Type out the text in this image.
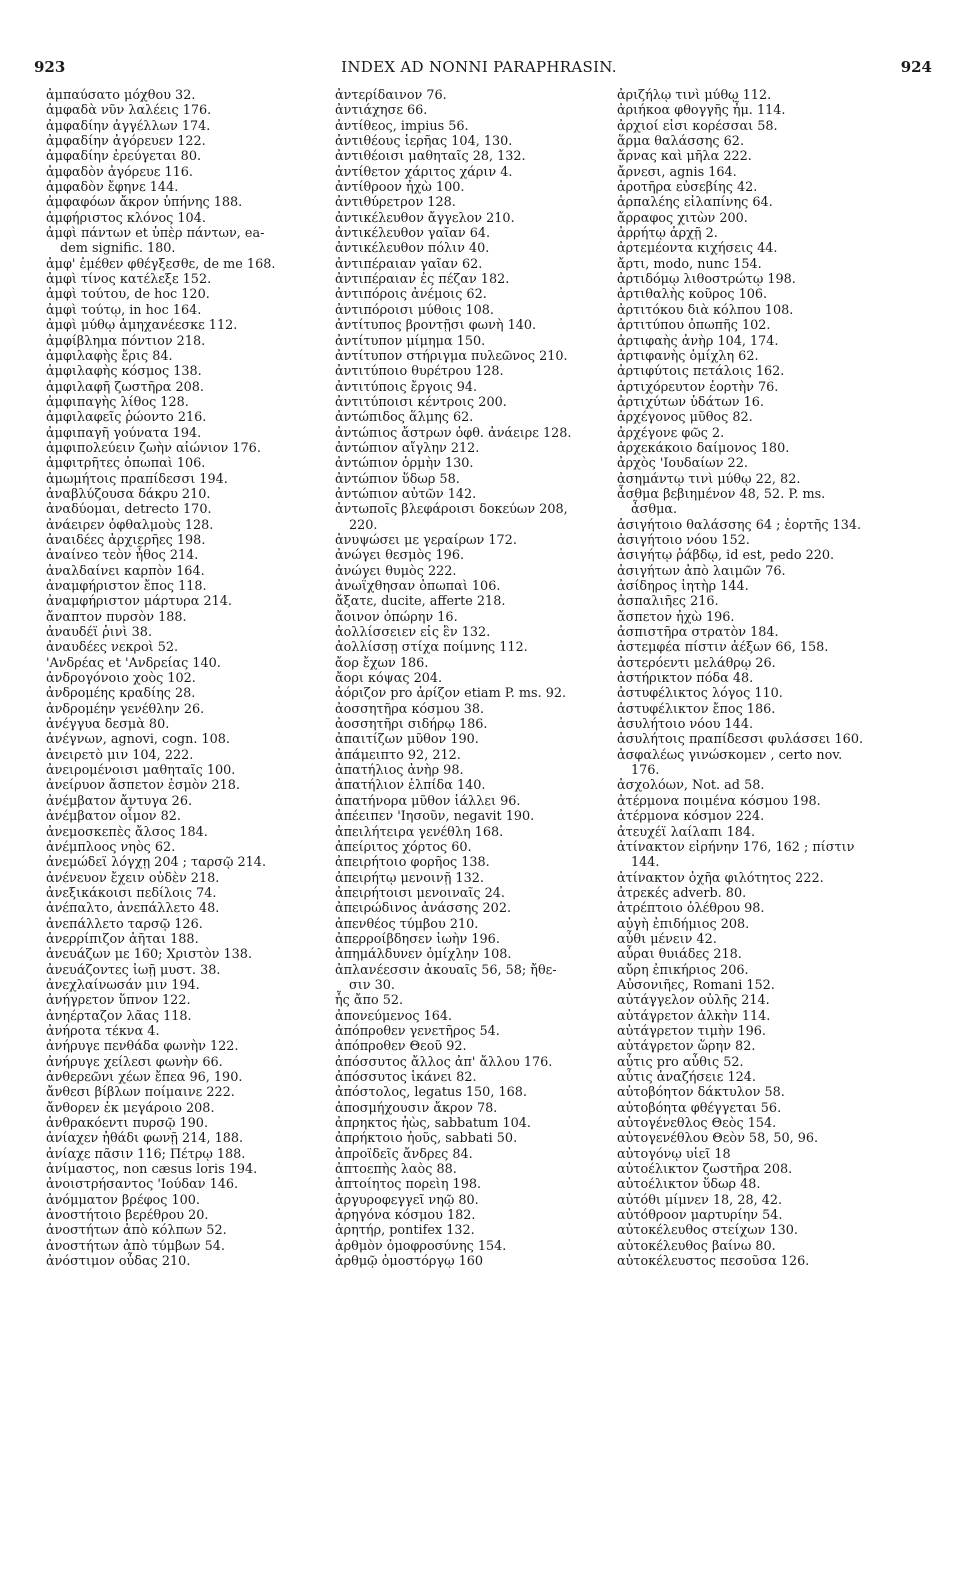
923	INDEX AD NONNI PARAPHRASIN.	924
ἀμπαύσατο μόχθου 32.
ἀμφαδὰ νῦν λαλέεις 176.
ἀμφαδίην ἀγγέλλων 174.
ἀμφαδίην ἀγόρευεν 122.
ἀμφαδίην ἐρεύγεται 80.
ἀμφαδὸν ἀγόρευε 116.
ἀμφαδὸν ἔφηνε 144.
ἀμφαφόων ἄκρον ὑπήνης 188.
ἀμφήριστος κλόνος 104.
ἀμφὶ πάντων et ὑπὲρ πάντων, ea-
dem signific. 180.
ἀμφ' ἐμέθεν φθέγξεσθε, de me 168.
ἀμφὶ τίνος κατέλεξε 152.
ἀμφὶ τούτου, de hoc 120.
ἀμφὶ τούτῳ, in hoc 164.
ἀμφὶ μύθῳ ἀμηχανέεσκε 112.
ἀμφίβλημα πόντιον 218.
ἀμφιλαφὴς ἔρις 84.
ἀμφιλαφὴς κόσμος 138.
ἀμφιλαφῆ ζωστῆρα 208.
ἀμφιπαγὴς λίθος 128.
ἀμφιλαφεῖς ῥώοντο 216.
ἀμφιπαγῆ γούνατα 194.
ἀμφιπολεύειν ζωὴν αἰώνιον 176.
ἀμφιτρῆτες ὀπωπαὶ 106.
ἀμωμήτοις πραπίδεσσι 194.
ἀναβλύζουσα δάκρυ 210.
ἀναδύομαι, detrecto 170.
ἀνάειρεν ὀφθαλμοὺς 128.
ἀναιδέες ἀρχιερῆες 198.
ἀναίνεο τεὸν ἦθος 214.
ἀναλδαίνει καρπὸν 164.
ἀναμφήριστον ἔπος 118.
ἀναμφήριστον μάρτυρα 214.
ἄναπτον πυρσὸν 188.
ἀναυδέϊ ῥινὶ 38.
ἀναυδέες νεκροὶ 52.
'Ανδρέας et 'Ανδρείας 140.
ἀνδρογόνοιο χοὸς 102.
ἀνδρομέης κραδίης 28.
ἀνδρομέην γενέθλην 26.
ἀνέγγυα δεσμὰ 80.
ἀνέγνων, agnovi, cogn. 108.
ἀνειρετὸ μιν 104, 222.
ἀνειρομένοισι μαθηταῖς 100.
ἀνείρυον ἄσπετον ἑσμὸν 218.
ἀνέμβατον ἄντυγα 26.
ἀνέμβατον οἶμον 82.
ἀνεμοσκεπὲς ἄλσος 184.
ἀνέμπλοος νηὸς 62.
ἀνεμώδεϊ λόγχῃ 204 ; ταρσῷ 214.
ἀνένευον ἔχειν οὐδὲν 218.
ἀνεξικάκοισι πεδίλοις 74.
ἀνέπαλτο, ἀνεπάλλετο 48.
ἀνεπάλλετο ταρσῷ 126.
ἀνερρίπιζον ἀῆται 188.
ἀνευάζων με 160; Χριστὸν 138.
ἀνευάζοντες ἰωῇ μυστ. 38.
ἀνεχλαίνωσάν μιν 194.
ἀνήγρετον ὕπνον 122.
ἀνηέρταζον λᾶας 118.
ἀνήροτα τέκνα 4.
ἀνήρυγε πενθάδα φωνὴν 122.
ἀνήρυγε χείλεσι φωνὴν 66.
ἀνθερεῶνι χέων ἔπεα 96, 190.
ἄνθεσι βίβλων ποίμαινε 222.
ἄνθορεν ἐκ μεγάροιο 208.
ἀνθρακόεντι πυρσῷ 190.
ἀνίαχεν ἠθάδι φωνῇ 214, 188.
ἀνίαχε πᾶσιν 116; Πέτρῳ 188.
ἀνίμαστος, non cæsus loris 194.
ἀνοιστρήσαντος 'Ιούδαν 146.
ἀνόμματον βρέφος 100.
ἀνοστήτοιο βερέθρου 20.
ἀνοστήτων ἀπὸ κόλπων 52.
ἀνοστήτων ἀπὸ τύμβων 54.
ἀνόστιμον οὖδας 210.
ἀντερίδαινον 76.
ἀντιάχησε 66.
ἀντίθεος, impius 56.
ἀντιθέους ἱερῆας 104, 130.
ἀντιθέοισι μαθηταῖς 28, 132.
ἀντίθετον χάριτος χάριν 4.
ἀντίθροον ἠχὼ 100.
ἀντιθύρετρον 128.
ἀντικέλευθον ἄγγελον 210.
ἀντικέλευθον γαῖαν 64.
ἀντικέλευθον πόλιν 40.
ἀντιπέραιαν γαῖαν 62.
ἀντιπέραιαν ἐς πέζαν 182.
ἀντιπόροις ἀνέμοις 62.
ἀντιπόροισι μύθοις 108.
ἀντίτυπος βροντῇσι φωνὴ 140.
ἀντίτυπον μίμημα 150.
ἀντίτυπον στήριγμα πυλεῶνος 210.
ἀντιτύποιο θυρέτρου 128.
ἀντιτύποις ἔργοις 94.
ἀντιτύποισι κέντροις 200.
ἀντώπιδος ἅλμης 62.
ἀντώπιος ἄστρων ὀφθ. ἀνάειρε 128.
ἀντώπιον αἴγλην 212.
ἀντώπιον ὁρμὴν 130.
ἀντώπιον ὕδωρ 58.
ἀντώπιον αὐτῶν 142.
ἀντωποῖς βλεφάροισι δοκεύων 208,
220.
ἀνυψώσει με γεραίρων 172.
ἀνώγει θεσμὸς 196.
ἀνώγει θυμὸς 222.
ἀνωΐχθησαν ὀπωπαὶ 106.
ἄξατε, ducite, afferte 218.
ἄοινον ὀπώρην 16.
ἀολλίσσειεν εἰς ἓν 132.
ἀολλίσσῃ στίχα ποίμνης 112.
ἄορ ἔχων 186.
ἄορι κόψας 204.
ἀόριζον pro ἀρίζον etiam P. ms. 92.
ἀοσσητῆρα κόσμου 38.
ἀοσσητῆρι σιδήρῳ 186.
ἀπαιτίζων μῦθον 190.
ἀπάμειπτο 92, 212.
ἀπατήλιος ἀνὴρ 98.
ἀπατήλιον ἐλπίδα 140.
ἀπατήνορα μῦθον ἰάλλει 96.
ἀπέειπεν 'Ιησοῦν, negavit 190.
ἀπειλήτειρα γενέθλη 168.
ἀπείριτος χόρτος 60.
ἀπειρήτοιο φορῆος 138.
ἀπειρήτῳ μενοινῇ 132.
ἀπειρήτοισι μενοιναῖς 24.
ἀπειρώδινος ἀνάσσης 202.
ἀπενθέος τύμβου 210.
ἀπερροίβδησεν ἰωὴν 196.
ἀπημάλδυνεν ὁμίχλην 108.
ἀπλανέεσσιν ἀκουαῖς 56, 58; ἤθε-
σιν 30.
ἧς ἄπο 52.
ἀπονεύμενος 164.
ἀπόπροθεν γενετῆρος 54.
ἀπόπροθεν Θεοῦ 92.
ἀπόσσυτος ἄλλος ἀπ' ἄλλου 176.
ἀπόσσυτος ἱκάνει 82.
ἀπόστολος, legatus 150, 168.
ἀποσμήχουσιν ἄκρον 78.
ἀπρηκτος ἠὼς, sabbatum 104.
ἀπρήκτοιο ἠοῦς, sabbati 50.
ἀπροϊδεῖς ἄνδρες 84.
ἀπτοεπὴς λαὸς 88.
ἀπτοίητος πορεὶη 198.
ἀργυροφεγγεῖ νηῷ 80.
ἀρηγόνα κόσμου 182.
ἀρητήρ, pontifex 132.
ἀρθμὸν ὁμοφροσύνης 154.
ἀρθμῷ ὁμοστόργῳ 160
ἀριζήλῳ τινὶ μύθῳ 112.
ἀριήκοα φθογγῆς ἦμ. 114.
ἀρχιοί εἰσι κορέσσαι 58.
ἅρμα θαλάσσης 62.
ἄρνας καὶ μῆλα 222.
ἄρνεσι, agnis 164.
ἀροτῆρα εὐσεβίης 42.
ἁρπαλέης εἰλαπίνης 64.
ἄρραφος χιτὼν 200.
ἀρρήτῳ ἀρχῇ 2.
ἀρτεμέοντα κιχήσεις 44.
ἄρτι, modo, nunc 154.
ἀρτιδόμῳ λιθοστρώτῳ 198.
ἀρτιθαλὴς κοῦρος 106.
ἀρτιτόκου διὰ κόλπου 108.
ἀρτιτύπου ὀπωπῆς 102.
ἀρτιφαὴς ἀνὴρ 104, 174.
ἀρτιφανὴς ὁμίχλη 62.
ἀρτιφύτοις πετάλοις 162.
ἀρτιχόρευτον ἑορτὴν 76.
ἀρτιχύτων ὑδάτων 16.
ἀρχέγονος μῦθος 82.
ἀρχέγονε φῶς 2.
ἀρχεκάκοιο δαίμονος 180.
ἀρχὸς 'Ιουδαίων 22.
ἀσημάντῳ τινὶ μύθῳ 22, 82.
ἆσθμα βεβιημένον 48, 52. P. ms.
ἆσθμα.
ἀσιγήτοιο θαλάσσης 64 ; ἑορτῆς 134.
ἀσιγήτοιο νόου 152.
ἀσιγήτῳ ῥάβδῳ, id est, pedo 220.
ἀσιγήτων ἀπὸ λαιμῶν 76.
ἀσίδηρος ἰητὴρ 144.
ἀσπαλιῆες 216.
ἄσπετον ἠχὼ 196.
ἀσπιστῆρα στρατὸν 184.
ἀστεμφέα πίστιν ἀέξων 66, 158.
ἀστερόεντι μελάθρῳ 26.
ἀστήρικτον πόδα 48.
ἀστυφέλικτος λόγος 110.
ἀστυφέλικτον ἔπος 186.
ἀσυλήτοιο νόου 144.
ἀσυλήτοις πραπίδεσσι φυλάσσει 160.
ἀσφαλέως γινώσκομεν , certo nov.
176.
ἀσχολόων, Not. ad 58.
ἀτέρμονα ποιμένα κόσμου 198.
ἀτέρμονα κόσμον 224.
ἀτευχέϊ λαίλαπι 184.
ἀτίνακτον εἰρήνην 176, 162 ; πίστιν
144.
ἀτίνακτον ὀχῆα φιλότητος 222.
ἀτρεκές adverb. 80.
ἀτρέπτοιο ὀλέθρου 98.
αὐγὴ ἐπιδήμιος 208.
αὖθι μένειν 42.
αὖραι θυιάδες 218.
αὔρη ἐπικήριος 206.
Αὐσονιῆες, Romani 152.
αὐτάγγελον οὐλῆς 214.
αὐτάγρετον ἀλκὴν 114.
αὐτάγρετον τιμὴν 196.
αὐτάγρετον ὥρην 82.
αὖτις pro αὖθις 52.
αὖτις ἀναζήσειε 124.
αὐτοβόητον δάκτυλον 58.
αὐτοβόητα φθέγγεται 56.
αὐτογένεθλος Θεὸς 154.
αὐτογενέθλου Θεὸν 58, 50, 96.
αὐτογόνῳ υἱεῖ 18
αὐτοέλικτον ζωστῆρα 208.
αὐτοέλικτον ὕδωρ 48.
αὐτόθι μίμνεν 18, 28, 42.
αὐτόθροον μαρτυρίην 54.
αὐτοκέλευθος στείχων 130.
αὐτοκέλευθος βαίνω 80.
αὐτοκέλευστος πεσοῦσα 126.
